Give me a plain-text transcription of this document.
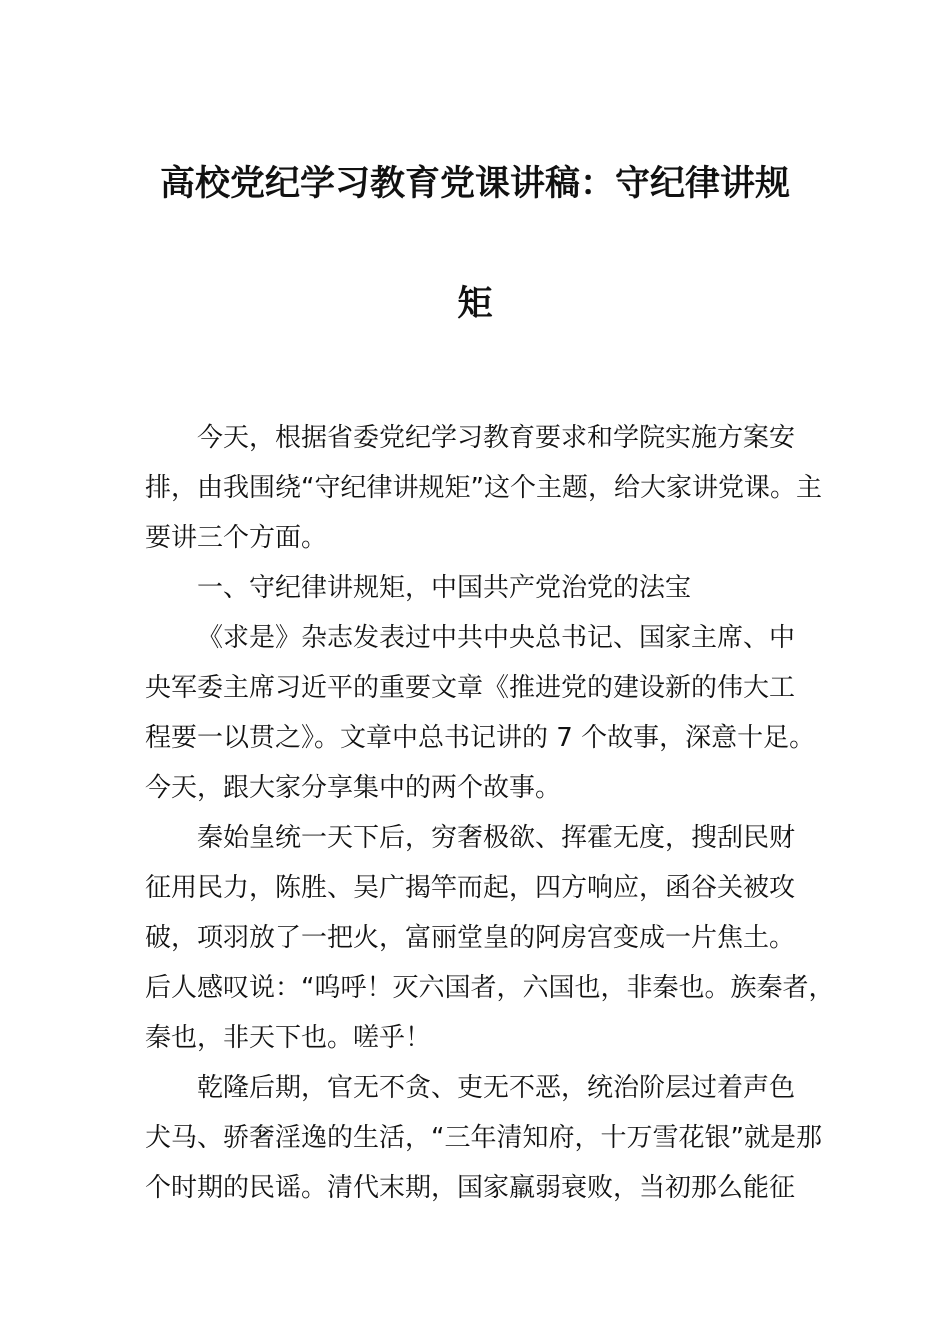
高校党纪学习教育党课讲稿：守纪律讲规
矩
今天，根据省委党纪学习教育要求和学院实施方案安
排，由我围绕“守纪律讲规矩”这个主题，给大家讲党课。主
要讲三个方面。
一、守纪律讲规矩，中国共产党治党的法宝
《求是》杂志发表过中共中央总书记、国家主席、中
央军委主席习近平的重要文章《推进党的建设新的伟大工
程要一以贯之》。文章中总书记讲的 7 个故事，深意十足。
今天，跟大家分享集中的两个故事。
秦始皇统一天下后，穷奢极欲、挥霍无度，搜刮民财
征用民力，陈胜、吴广揭竿而起，四方响应，函谷关被攻
破，项羽放了一把火，富丽堂皇的阿房宫变成一片焦土。
后人感叹说：“呜呼！灭六国者，六国也，非秦也。族秦者，
秦也，非天下也。嗟乎！
乾隆后期，官无不贪、吏无不恶，统治阶层过着声色
犬马、骄奢淫逸的生活，“三年清知府，十万雪花银”就是那
个时期的民谣。清代末期，国家羸弱衰败，当初那么能征
